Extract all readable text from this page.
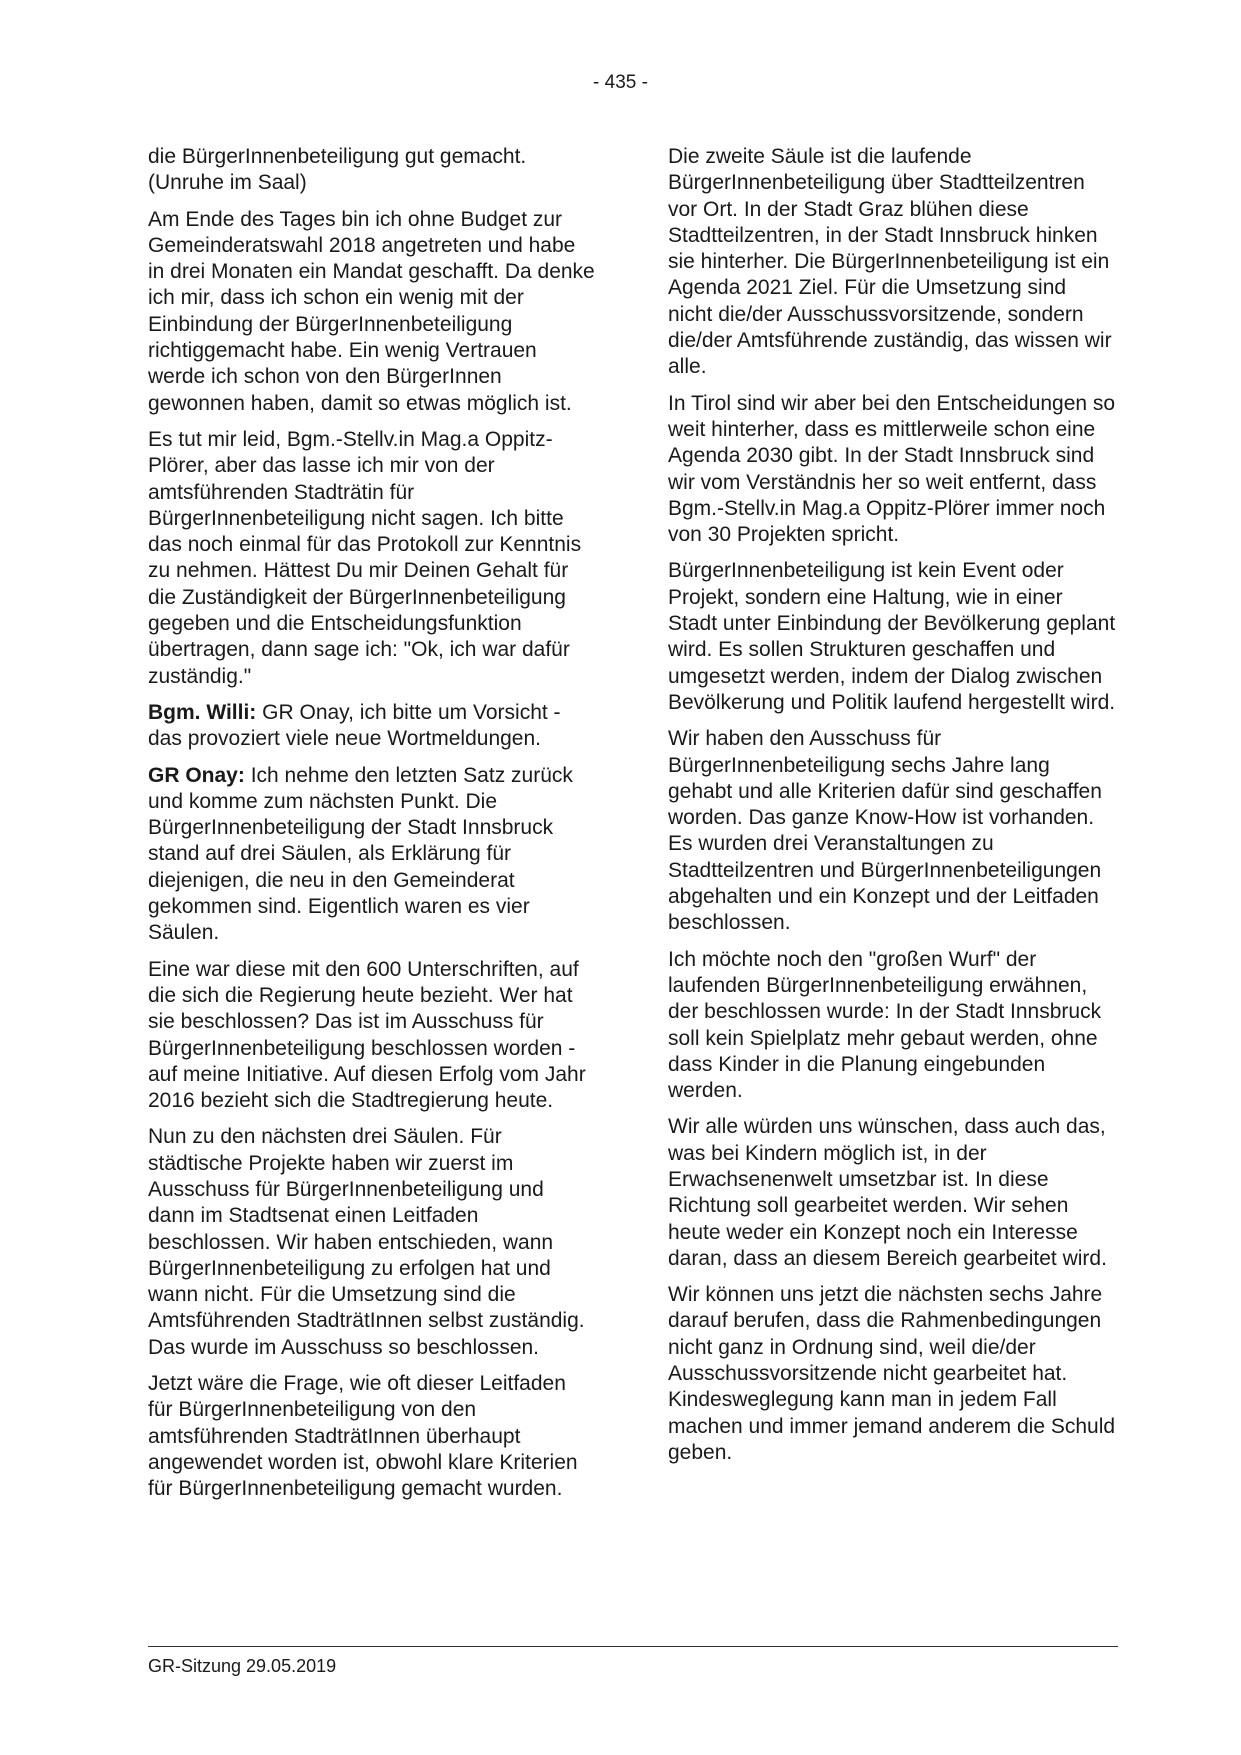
- 435 -

die BürgerInnenbeteiligung gut gemacht. (Unruhe im Saal)

Am Ende des Tages bin ich ohne Budget zur Gemeinderatswahl 2018 angetreten und habe in drei Monaten ein Mandat geschafft. Da denke ich mir, dass ich schon ein wenig mit der Einbindung der BürgerInnenbeteiligung richtiggemacht habe. Ein wenig Vertrauen werde ich schon von den BürgerInnen gewonnen haben, damit so etwas möglich ist.

Es tut mir leid, Bgm.-Stellv.in Mag.a Oppitz-Plörer, aber das lasse ich mir von der amtsführenden Stadträtin für BürgerInnenbeteiligung nicht sagen. Ich bitte das noch einmal für das Protokoll zur Kenntnis zu nehmen. Hättest Du mir Deinen Gehalt für die Zuständigkeit der BürgerInnenbeteiligung gegeben und die Entscheidungsfunktion übertragen, dann sage ich: "Ok, ich war dafür zuständig."

Bgm. Willi: GR Onay, ich bitte um Vorsicht - das provoziert viele neue Wortmeldungen.

GR Onay: Ich nehme den letzten Satz zurück und komme zum nächsten Punkt. Die BürgerInnenbeteiligung der Stadt Innsbruck stand auf drei Säulen, als Erklärung für diejenigen, die neu in den Gemeinderat gekommen sind. Eigentlich waren es vier Säulen.

Eine war diese mit den 600 Unterschriften, auf die sich die Regierung heute bezieht. Wer hat sie beschlossen? Das ist im Ausschuss für BürgerInnenbeteiligung beschlossen worden - auf meine Initiative. Auf diesen Erfolg vom Jahr 2016 bezieht sich die Stadtregierung heute.

Nun zu den nächsten drei Säulen. Für städtische Projekte haben wir zuerst im Ausschuss für BürgerInnenbeteiligung und dann im Stadtsenat einen Leitfaden beschlossen. Wir haben entschieden, wann BürgerInnenbeteiligung zu erfolgen hat und wann nicht. Für die Umsetzung sind die Amtsführenden StadträtInnen selbst zuständig. Das wurde im Ausschuss so beschlossen.

Jetzt wäre die Frage, wie oft dieser Leitfaden für BürgerInnenbeteiligung von den amtsführenden StadträtInnen überhaupt angewendet worden ist, obwohl klare Kriterien für BürgerInnenbeteiligung gemacht wurden.

Die zweite Säule ist die laufende BürgerInnenbeteiligung über Stadtteilzentren vor Ort. In der Stadt Graz blühen diese Stadtteilzentren, in der Stadt Innsbruck hinken sie hinterher. Die BürgerInnenbeteiligung ist ein Agenda 2021 Ziel. Für die Umsetzung sind nicht die/der Ausschussvorsitzende, sondern die/der Amtsführende zuständig, das wissen wir alle.

In Tirol sind wir aber bei den Entscheidungen so weit hinterher, dass es mittlerweile schon eine Agenda 2030 gibt. In der Stadt Innsbruck sind wir vom Verständnis her so weit entfernt, dass Bgm.-Stellv.in Mag.a Oppitz-Plörer immer noch von 30 Projekten spricht.

BürgerInnenbeteiligung ist kein Event oder Projekt, sondern eine Haltung, wie in einer Stadt unter Einbindung der Bevölkerung geplant wird. Es sollen Strukturen geschaffen und umgesetzt werden, indem der Dialog zwischen Bevölkerung und Politik laufend hergestellt wird.

Wir haben den Ausschuss für BürgerInnenbeteiligung sechs Jahre lang gehabt und alle Kriterien dafür sind geschaffen worden. Das ganze Know-How ist vorhanden. Es wurden drei Veranstaltungen zu Stadtteilzentren und BürgerInnenbeteiligungen abgehalten und ein Konzept und der Leitfaden beschlossen.

Ich möchte noch den "großen Wurf" der laufenden BürgerInnenbeteiligung erwähnen, der beschlossen wurde: In der Stadt Innsbruck soll kein Spielplatz mehr gebaut werden, ohne dass Kinder in die Planung eingebunden werden.

Wir alle würden uns wünschen, dass auch das, was bei Kindern möglich ist, in der Erwachsenenwelt umsetzbar ist. In diese Richtung soll gearbeitet werden. Wir sehen heute weder ein Konzept noch ein Interesse daran, dass an diesem Bereich gearbeitet wird.

Wir können uns jetzt die nächsten sechs Jahre darauf berufen, dass die Rahmenbedingungen nicht ganz in Ordnung sind, weil die/der Ausschussvorsitzende nicht gearbeitet hat. Kindesweglegung kann man in jedem Fall machen und immer jemand anderem die Schuld geben.

GR-Sitzung 29.05.2019
